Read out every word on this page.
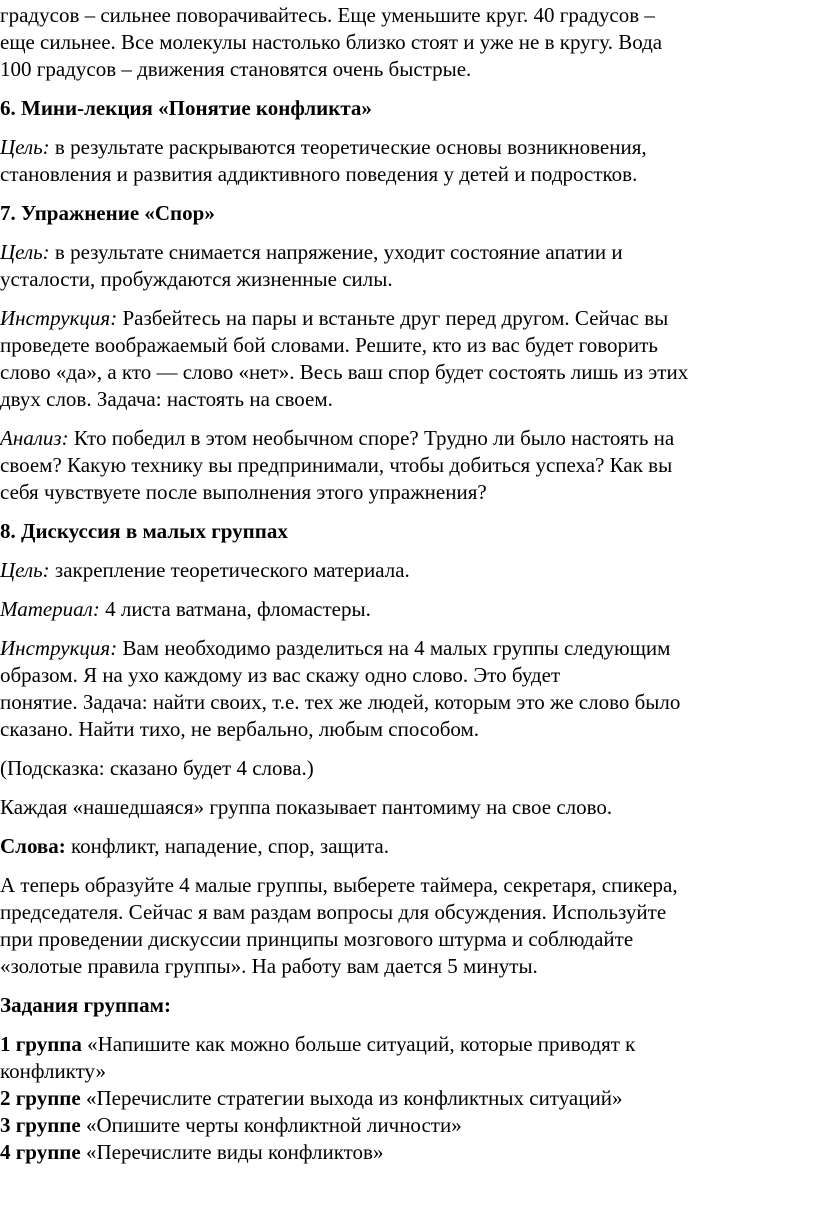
градусов – сильнее поворачивайтесь. Еще уменьшите круг. 40 градусов –
еще сильнее. Все молекулы настолько близко стоят и уже не в кругу. Вода
100 градусов – движения становятся очень быстрые.
6. Мини-лекция «Понятие конфликта»
Цель: в результате раскрываются теоретические основы возникновения,
становления и развития аддиктивного поведения у детей и подростков.
7. Упражнение «Спор»
Цель: в результате снимается напряжение, уходит состояние апатии и
усталости, пробуждаются жизненные силы.
Инструкция: Разбейтесь на пары и встаньте друг перед другом. Сейчас вы
проведете воображаемый бой словами. Решите, кто из вас будет говорить
слово «да», а кто — слово «нет». Весь ваш спор будет состоять лишь из этих
двух слов. Задача: настоять на своем.
Анализ: Кто победил в этом необычном споре? Трудно ли было настоять на
своем? Какую технику вы предпринимали, чтобы добиться успеха? Как вы
себя чувствуете после выполнения этого упражнения?
8. Дискуссия в малых группах
Цель: закрепление теоретического материала.
Материал: 4 листа ватмана, фломастеры.
Инструкция: Вам необходимо разделиться на 4 малых группы следующим
образом. Я на ухо каждому из вас скажу одно слово. Это будет
понятие. Задача: найти своих, т.е. тех же людей, которым это же слово было
сказано. Найти тихо, не вербально, любым способом.
(Подсказка: сказано будет 4 слова.)
Каждая «нашедшаяся» группа показывает пантомиму на свое слово.
Слова: конфликт, нападение, спор, защита.
А теперь образуйте 4 малые группы, выберете таймера, секретаря, спикера,
председателя. Сейчас я вам раздам вопросы для обсуждения. Используйте
при проведении дискуссии принципы мозгового штурма и соблюдайте
«золотые правила группы». На работу вам дается 5 минуты.
Задания группам:
1 группа «Напишите как можно больше ситуаций, которые приводят к
конфликту»
2 группе «Перечислите стратегии выхода из конфликтных ситуаций»
3 группе «Опишите черты конфликтной личности»
4 группе «Перечислите виды конфликтов»
